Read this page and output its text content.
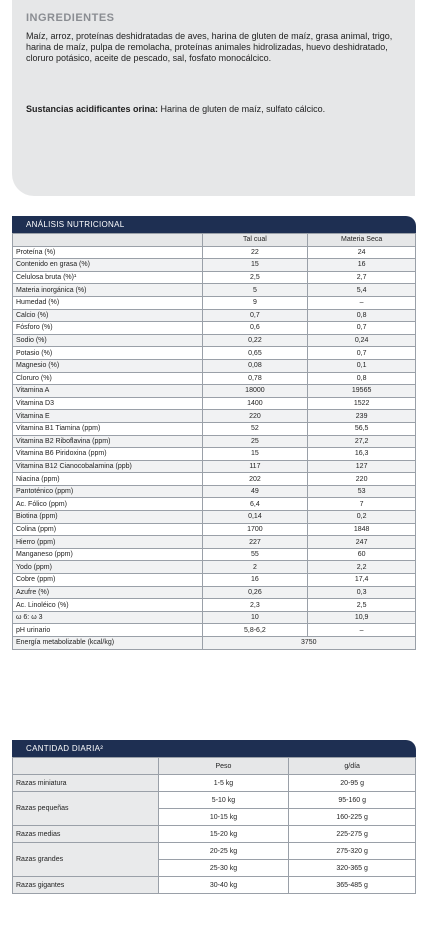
INGREDIENTES
Maíz, arroz, proteínas deshidratadas de aves, harina de gluten de maíz, grasa animal, trigo, harina de maíz, pulpa de remolacha, proteínas animales hidrolizadas, huevo deshidratado, cloruro potásico, aceite de pescado, sal, fosfato monocálcico.
Sustancias acidificantes orina: Harina de gluten de maíz, sulfato cálcico.
ANÁLISIS NUTRICIONAL
	Tal cual	Materia Seca
Proteína (%)	22	24
Contenido en grasa (%)	15	16
Celulosa bruta (%)¹	2,5	2,7
Materia inorgánica (%)	5	5,4
Humedad (%)	9	–
Calcio (%)	0,7	0,8
Fósforo (%)	0,6	0,7
Sodio (%)	0,22	0,24
Potasio (%)	0,65	0,7
Magnesio (%)	0,08	0,1
Cloruro (%)	0,78	0,8
Vitamina A	18000	19565
Vitamina D3	1400	1522
Vitamina E	220	239
Vitamina B1 Tiamina (ppm)	52	56,5
Vitamina B2 Riboflavina (ppm)	25	27,2
Vitamina B6 Piridoxina (ppm)	15	16,3
Vitamina B12 Cianocobalamina (ppb)	117	127
Niacina (ppm)	202	220
Pantoténico (ppm)	49	53
Ac. Fólico (ppm)	6,4	7
Biotina (ppm)	0,14	0,2
Colina (ppm)	1700	1848
Hierro (ppm)	227	247
Manganeso (ppm)	55	60
Yodo (ppm)	2	2,2
Cobre (ppm)	16	17,4
Azufre (%)	0,26	0,3
Ac. Linoléico (%)	2,3	2,5
ω 6: ω 3	10	10,9
pH urinario	5,8-6,2	–
Energía metabolizable (kcal/kg)	3750	
CANTIDAD DIARIA²
	Peso	g/día
Razas miniatura	1-5 kg	20-95 g
Razas pequeñas	5-10 kg	95-160 g
	10-15 kg	160-225 g
Razas medias	15-20 kg	225-275 g
Razas grandes	20-25 kg	275-320 g
	25-30 kg	320-365 g
Razas gigantes	30-40 kg	365-485 g
